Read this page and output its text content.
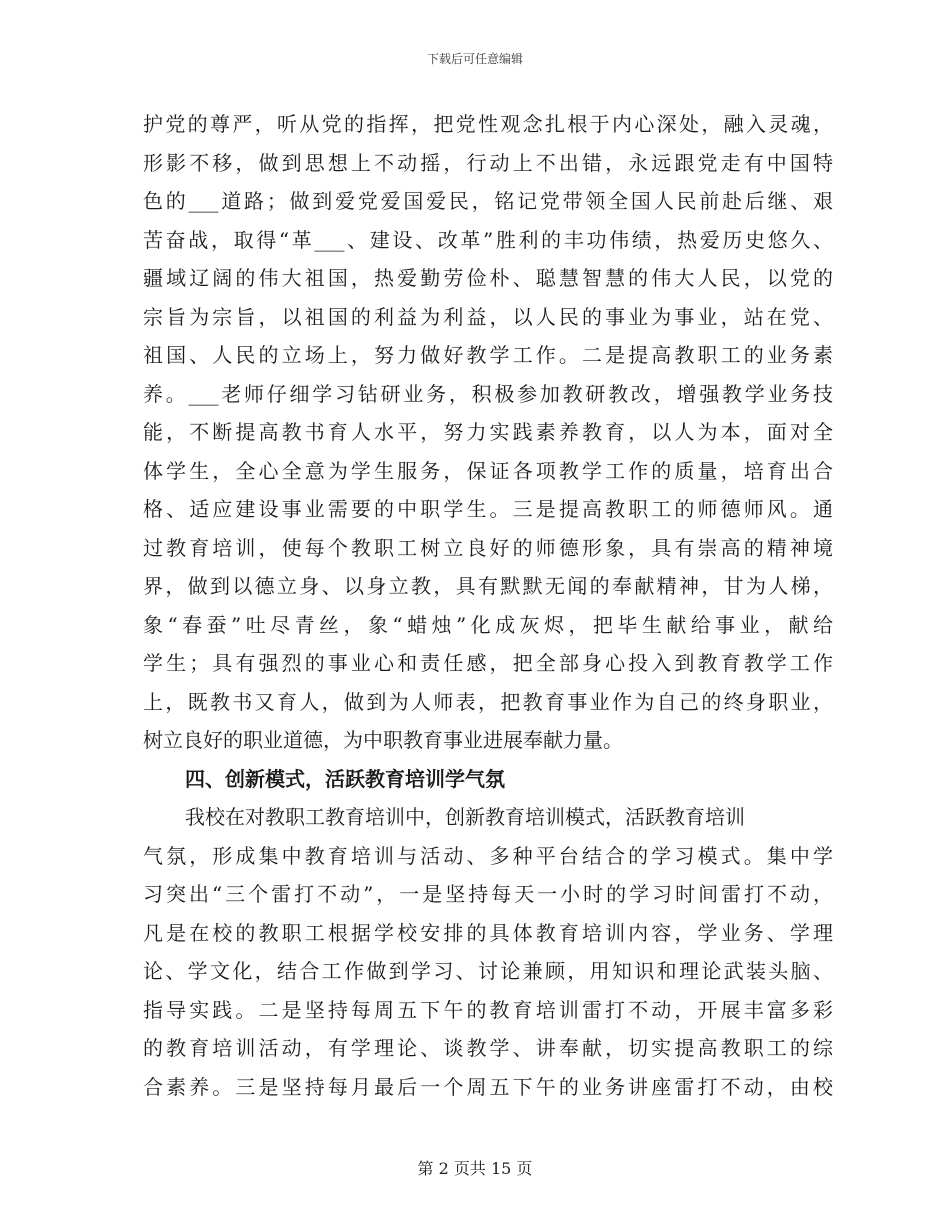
下载后可任意编辑
护党的尊严，听从党的指挥，把党性观念扎根于内心深处，融入灵魂，
形影不移，做到思想上不动摇，行动上不出错，永远跟党走有中国特
色的___道路；做到爱党爱国爱民，铭记党带领全国人民前赴后继、艰
苦奋战，取得“革___、建设、改革”胜利的丰功伟绩，热爱历史悠久、
疆域辽阔的伟大祖国，热爱勤劳俭朴、聪慧智慧的伟大人民，以党的
宗旨为宗旨，以祖国的利益为利益，以人民的事业为事业，站在党、
祖国、人民的立场上，努力做好教学工作。二是提高教职工的业务素
养。___老师仔细学习钻研业务，积极参加教研教改，增强教学业务技
能，不断提高教书育人水平，努力实践素养教育，以人为本，面对全
体学生，全心全意为学生服务，保证各项教学工作的质量，培育出合
格、适应建设事业需要的中职学生。三是提高教职工的师德师风。通
过教育培训，使每个教职工树立良好的师德形象，具有崇高的精神境
界，做到以德立身、以身立教，具有默默无闻的奉献精神，甘为人梯，
象“春蚕”吐尽青丝，象“蜡烛”化成灰烬，把毕生献给事业，献给
学生；具有强烈的事业心和责任感，把全部身心投入到教育教学工作
上，既教书又育人，做到为人师表，把教育事业作为自己的终身职业，
树立良好的职业道德，为中职教育事业进展奉献力量。
四、创新模式，活跃教育培训学气氛
我校在对教职工教育培训中，创新教育培训模式，活跃教育培训
气氛，形成集中教育培训与活动、多种平台结合的学习模式。集中学
习突出“三个雷打不动”，一是坚持每天一小时的学习时间雷打不动，
凡是在校的教职工根据学校安排的具体教育培训内容，学业务、学理
论、学文化，结合工作做到学习、讨论兼顾，用知识和理论武装头脑、
指导实践。二是坚持每周五下午的教育培训雷打不动，开展丰富多彩
的教育培训活动，有学理论、谈教学、讲奉献，切实提高教职工的综
合素养。三是坚持每月最后一个周五下午的业务讲座雷打不动，由校
第 2 页共 15 页
